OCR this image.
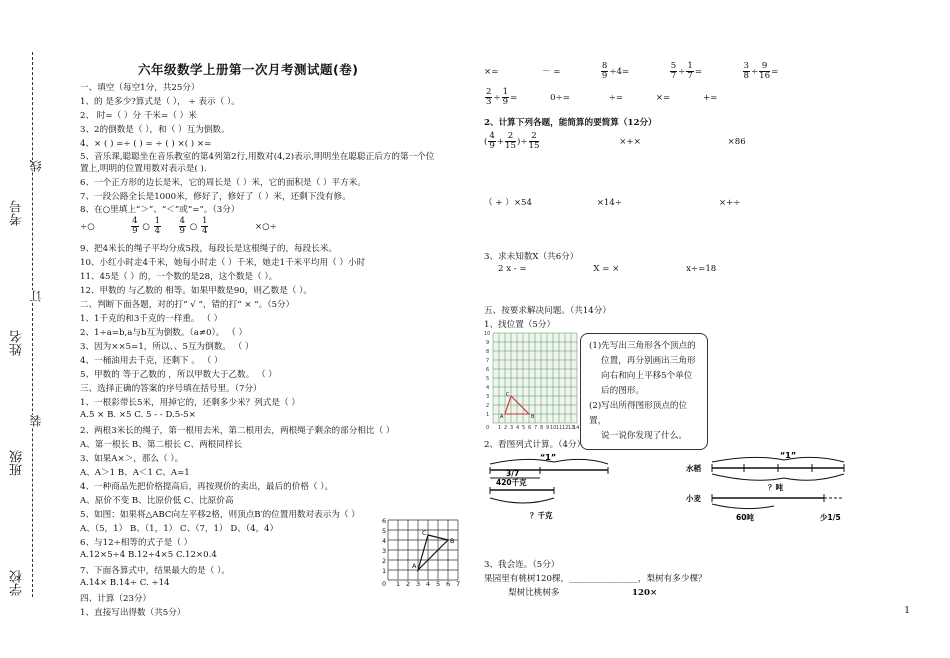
学校
班级
姓名
考号
装
订
线
六年级数学上册第一次月考测试题(卷)
一、填空（每空1分，共25分）
1、的 是多少?算式是（ ）， ÷ 表示（ ）。
2、 时=（ ）分 千米=（ ）米
3、2的倒数是（ ），和（ ）互为倒数。
4、× ( ) =÷ ( ) = ÷ ( ) ×( ) ×=
5、音乐课,聪聪坐在音乐教室的第4列第2行,用数对(4,2)表示,明明坐在聪聪正后方的第一个位
置上,明明的位置用数对表示是( ).
6、一个正方形的边长是米，它的周长是（ ）米，它的面积是（ ）平方米。
7、一段公路全长是1000米，修好了，修好了（ ）米，还剩下没有修。
8、在○里填上“＞”、“＜”或“=”。（3分）
÷○	$\frac{4}{9}$ ○ $\frac{1}{4}$
$\frac{4}{9}$ ○ $\frac{1}{4}$	×○÷
9、把4米长的绳子平均分成5段，每段长是这根绳子的，每段长米。
10、小红小时走4千米，她每小时走（ ）千米，她走1千米平均用（ ）小时
11、45是（ ）的，一个数的是28，这个数是（ ）。
12、甲数的 与乙数的 相等。如果甲数是90，则乙数是（ ）。
二、判断下面各题，对的打“ √ ”，错的打“ × ”。（5分）
1、1千克的和3千克的一样重。 （ ）
2、1÷a=b,a与b互为倒数。（a≠0）。 （ ）
3、因为××5=1，所以、、5互为倒数。 （ ）
4、一桶油用去千克，还剩下 。 （ ）
5、甲数的 等于乙数的 ，所以甲数大于乙数。 （ ）
三、选择正确的答案的序号填在括号里。（7分）
1、一根彩带长5米，用掉它的，还剩多少米？列式是（ ）
A.5 × B. ×5 C. 5 - - D.5-5×
2、两根3米长的绳子，第一根用去米，第二根用去，两根绳子剩余的部分相比（ ）
A、第一根长 B、第二根长 C、两根同样长
3、如果A×＞，那么（ ）。
A、A＞1 B、A＜1 C、A=1
4、一种商品先把价格提高后，再按现价的卖出，最后的价格（ ）。
A、原价不变 B、比原价低 C、比原价高
5、如图：如果将△ABC向左平移2格，则顶点B′的位置用数对表示为（ ）
A、（5，1） B、（1，1） C、（7，1） D、（4，4）
6、与12÷相等的式子是（ ）
A.12×5÷4 B.12÷4×5 C.12×0.4
7、下面各算式中，结果最大的是（ ）。
A.14× B.14÷ C. ÷14
四、计算（23分）
1、直接写出得数（共5分）
6
5
4
3
2
1
0 1 2 3 4 5 6 7
A
B
C
×=	－ =	$\frac{8}{9} \div 4=$	$\frac{5}{7} \div \frac{1}{7}$ =	$\frac{3}{8} \div \frac{9}{16}$ =
$\frac{2}{3} \div \frac{1}{9}$ =	0÷=	÷=	×=	+=
2、计算下列各题，能简算的要简算（12分）
( $\frac{4}{9} + \frac{2}{15}$ )÷ $\frac{2}{15}$	×+×	×86
（ + ）×54	×14÷	×+÷
3、求未知数X（共6分）
2 x - =	X = ×	x÷=18
五、按要求解决问题。（共14分）
1、找位置（5分）
(1)先写出三角形各个顶点的
位置，再分别画出三角形
向右和向上平移5个单位
后的图形。
(2)写出所得图形顶点的位置，
说一说你发现了什么。
2、看图列式计算。（4分）
“1”
3/7
420千克
？千克
“1”
水稻
？吨
小麦
60吨	少1/5
3、我会连。（5分）
果园里有桃树120棵，________________，梨树有多少棵？
梨树比桃树多	120×
10
9
8
7
6
5
4
3
2
1
0 1 2 3 4 5 6 7 8 9 10 11 12 13
14
C
A	B
1
